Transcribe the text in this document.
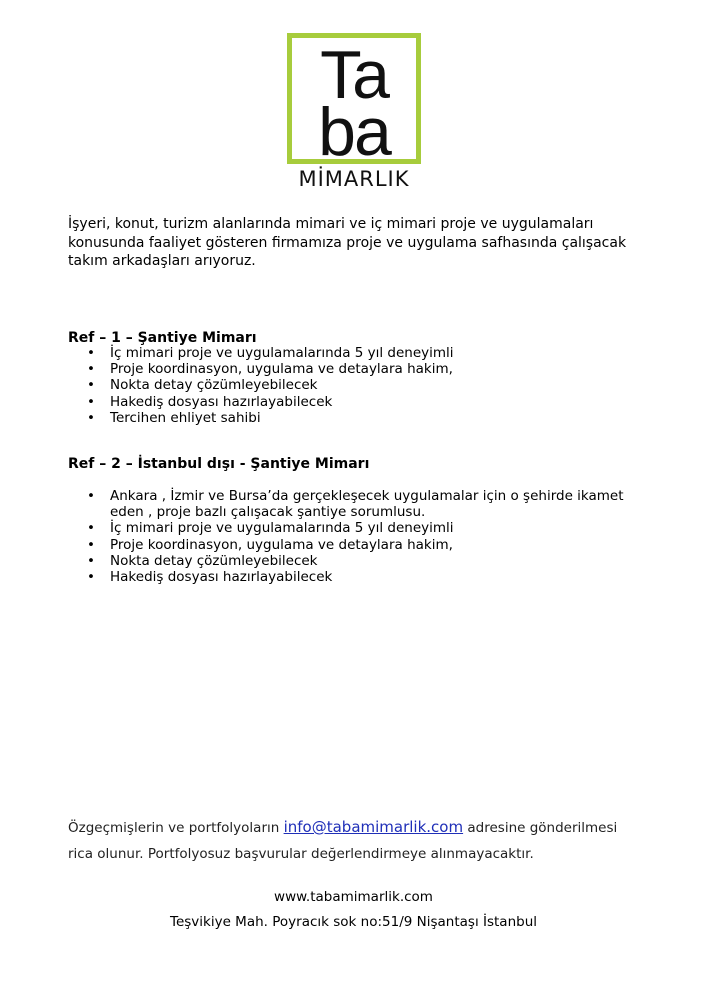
Ta
ba
MİMARLIK

İşyeri, konut, turizm alanlarında mimari ve iç mimari proje ve uygulamaları konusunda faaliyet gösteren firmamıza proje ve uygulama safhasında çalışacak takım arkadaşları arıyoruz.

Ref – 1 – Şantiye Mimarı

• İç mimari proje ve uygulamalarında 5 yıl deneyimli
• Proje koordinasyon, uygulama ve detaylara hakim,
• Nokta detay çözümleyebilecek
• Hakediş dosyası hazırlayabilecek
• Tercihen ehliyet sahibi

Ref – 2 – İstanbul dışı - Şantiye Mimarı

• Ankara , İzmir ve Bursa’da gerçekleşecek uygulamalar için o şehirde ikamet eden , proje bazlı çalışacak şantiye sorumlusu.
• İç mimari proje ve uygulamalarında 5 yıl deneyimli
• Proje koordinasyon, uygulama ve detaylara hakim,
• Nokta detay çözümleyebilecek
• Hakediş dosyası hazırlayabilecek

Özgeçmişlerin ve portfolyoların info@tabamimarlik.com adresine gönderilmesi rica olunur. Portfolyosuz başvurular değerlendirmeye alınmayacaktır.

www.tabamimarlik.com
Teşvikiye Mah. Poyracık sok no:51/9 Nişantaşı İstanbul
